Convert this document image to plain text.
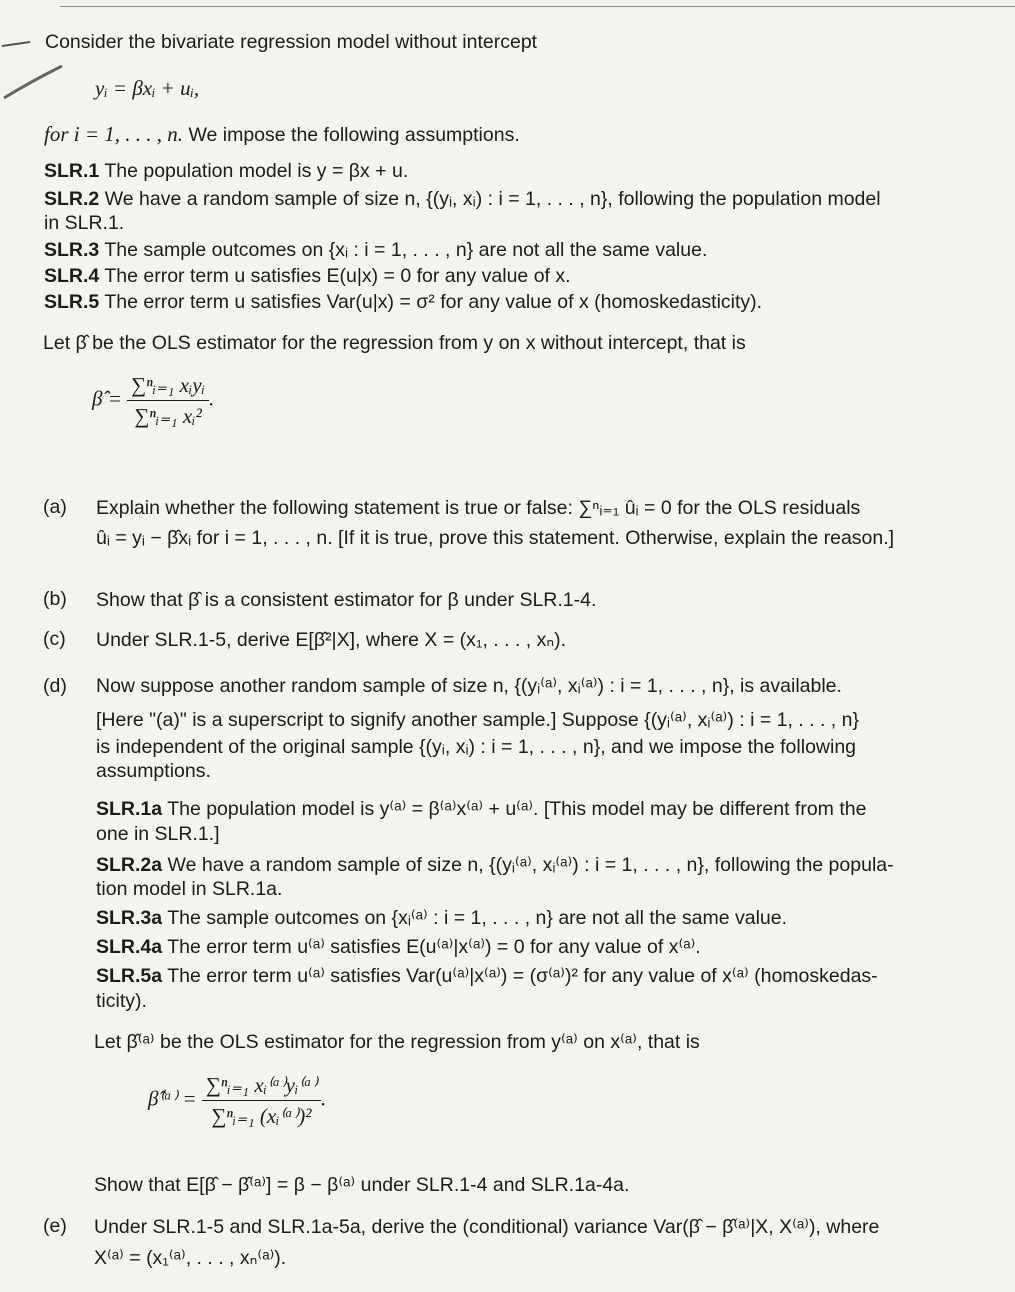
Consider the bivariate regression model without intercept
yᵢ = βxᵢ + uᵢ,
for i = 1, . . . , n. We impose the following assumptions.
SLR.1 The population model is y = βx + u.
SLR.2 We have a random sample of size n, {(yᵢ, xᵢ) : i = 1, . . . , n}, following the population model
in SLR.1.
SLR.3 The sample outcomes on {xᵢ : i = 1, . . . , n} are not all the same value.
SLR.4 The error term u satisfies E(u|x) = 0 for any value of x.
SLR.5 The error term u satisfies Var(u|x) = σ² for any value of x (homoskedasticity).
Let β̂ be the OLS estimator for the regression from y on x without intercept, that is
β̂ = $\frac{\text{∑ⁿᵢ₌₁ xᵢyᵢ}}{\text{∑ⁿᵢ₌₁ xᵢ²}}$ .
(a) Explain whether the following statement is true or false: ∑ⁿᵢ₌₁ ûᵢ = 0 for the OLS residuals
ûᵢ = yᵢ − β̂xᵢ for i = 1, . . . , n. [If it is true, prove this statement. Otherwise, explain the reason.]
(b) Show that β̂ is a consistent estimator for β under SLR.1-4.
(c) Under SLR.1-5, derive E[β̂²|X], where X = (x₁, . . . , xₙ).
(d) Now suppose another random sample of size n, {(yᵢ⁽ᵃ⁾, xᵢ⁽ᵃ⁾) : i = 1, . . . , n}, is available.
[Here "(a)" is a superscript to signify another sample.] Suppose {(yᵢ⁽ᵃ⁾, xᵢ⁽ᵃ⁾) : i = 1, . . . , n}
is independent of the original sample {(yᵢ, xᵢ) : i = 1, . . . , n}, and we impose the following
assumptions.
SLR.1a The population model is y⁽ᵃ⁾ = β⁽ᵃ⁾x⁽ᵃ⁾ + u⁽ᵃ⁾. [This model may be different from the
one in SLR.1.]
SLR.2a We have a random sample of size n, {(yᵢ⁽ᵃ⁾, xᵢ⁽ᵃ⁾) : i = 1, . . . , n}, following the popula-
tion model in SLR.1a.
SLR.3a The sample outcomes on {xᵢ⁽ᵃ⁾ : i = 1, . . . , n} are not all the same value.
SLR.4a The error term u⁽ᵃ⁾ satisfies E(u⁽ᵃ⁾|x⁽ᵃ⁾) = 0 for any value of x⁽ᵃ⁾.
SLR.5a The error term u⁽ᵃ⁾ satisfies Var(u⁽ᵃ⁾|x⁽ᵃ⁾) = (σ⁽ᵃ⁾)² for any value of x⁽ᵃ⁾ (homoskedas-
ticity).
Let β̂⁽ᵃ⁾ be the OLS estimator for the regression from y⁽ᵃ⁾ on x⁽ᵃ⁾, that is
β̂⁽ᵃ⁾ = $\frac{\text{∑ⁿᵢ₌₁ xᵢ⁽ᵃ⁾yᵢ⁽ᵃ⁾}}{\text{∑ⁿᵢ₌₁ (xᵢ⁽ᵃ⁾)²}}$ .
Show that E[β̂ − β̂⁽ᵃ⁾] = β − β⁽ᵃ⁾ under SLR.1-4 and SLR.1a-4a.
(e) Under SLR.1-5 and SLR.1a-5a, derive the (conditional) variance Var(β̂ − β̂⁽ᵃ⁾|X, X⁽ᵃ⁾), where
X⁽ᵃ⁾ = (x₁⁽ᵃ⁾, . . . , xₙ⁽ᵃ⁾).
